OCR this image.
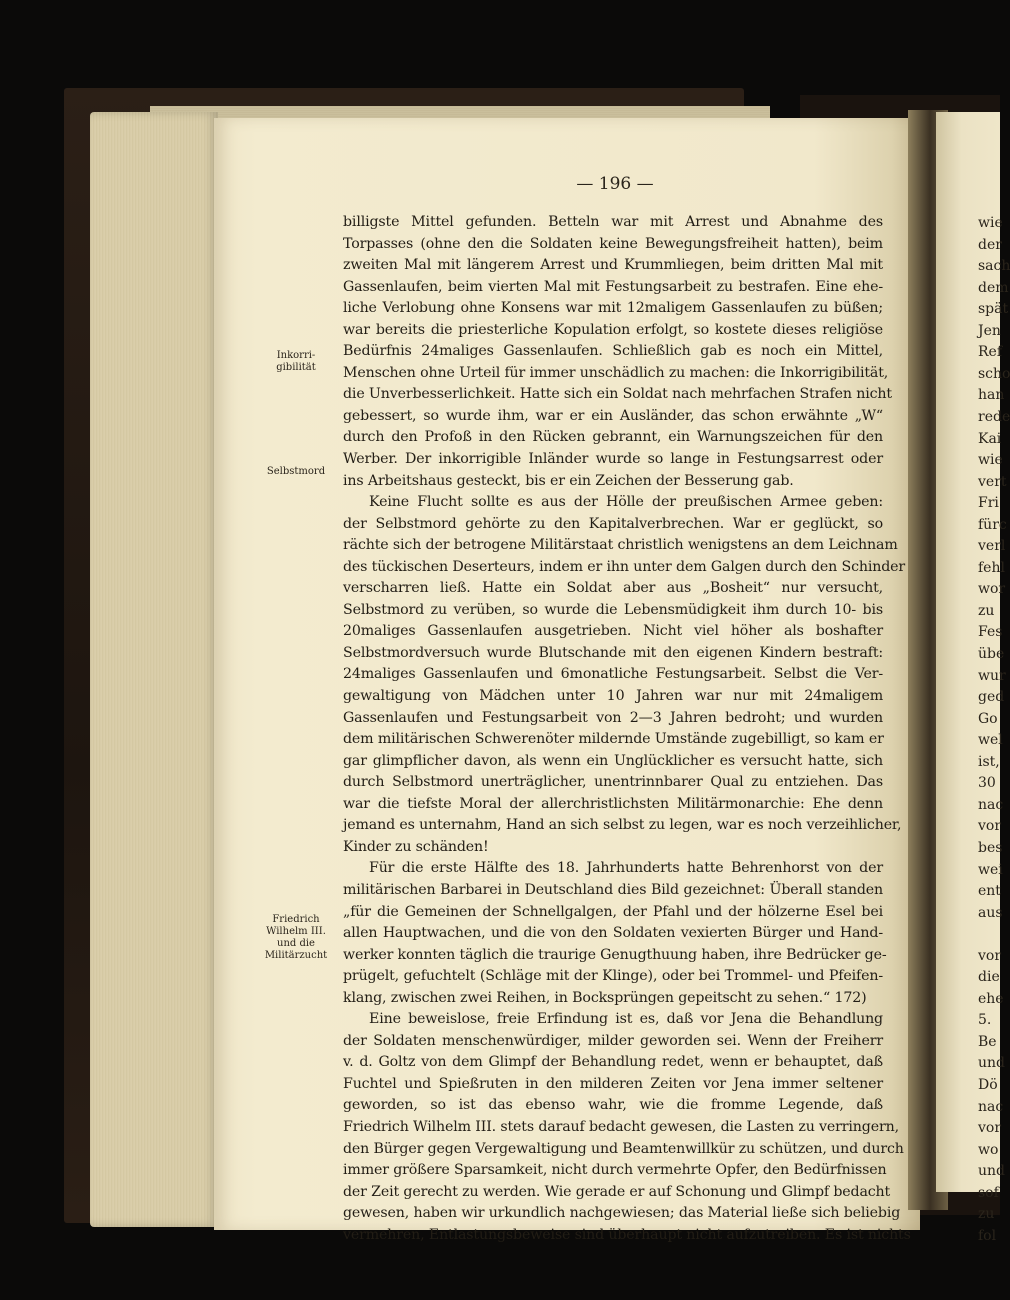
wie
der
sach
dem
spät
Jen
Ref
scho
han
rede
Kai
wie
vert
Fri
fürc
verl
fehl
wor
zu
Fes
übe
wur
ged
Go
wel
ist,
30
nac
vor
bes
wei
ent
aus
vor
die
ehe
5.
Be
und
Dö
nac
vor
wo
und
sof
zu
fol
— 196 —
Inkorri-
gibilität
Selbstmord
Friedrich
Wilhelm III.
und die
Militärzucht
billigste Mittel gefunden. Betteln war mit Arrest und Abnahme des
Torpasses (ohne den die Soldaten keine Bewegungsfreiheit hatten), beim
zweiten Mal mit längerem Arrest und Krummliegen, beim dritten Mal mit
Gassenlaufen, beim vierten Mal mit Festungsarbeit zu bestrafen. Eine ehe-
liche Verlobung ohne Konsens war mit 12maligem Gassenlaufen zu büßen;
war bereits die priesterliche Kopulation erfolgt, so kostete dieses religiöse
Bedürfnis 24maliges Gassenlaufen. Schließlich gab es noch ein Mittel,
Menschen ohne Urteil für immer unschädlich zu machen: die Inkorrigibilität,
die Unverbesserlichkeit. Hatte sich ein Soldat nach mehrfachen Strafen nicht
gebessert, so wurde ihm, war er ein Ausländer, das schon erwähnte „W“
durch den Profoß in den Rücken gebrannt, ein Warnungszeichen für den
Werber. Der inkorrigible Inländer wurde so lange in Festungsarrest oder
ins Arbeitshaus gesteckt, bis er ein Zeichen der Besserung gab.
Keine Flucht sollte es aus der Hölle der preußischen Armee geben:
der Selbstmord gehörte zu den Kapitalverbrechen. War er geglückt, so
rächte sich der betrogene Militärstaat christlich wenigstens an dem Leichnam
des tückischen Deserteurs, indem er ihn unter dem Galgen durch den Schinder
verscharren ließ. Hatte ein Soldat aber aus „Bosheit“ nur versucht,
Selbstmord zu verüben, so wurde die Lebensmüdigkeit ihm durch 10- bis
20maliges Gassenlaufen ausgetrieben. Nicht viel höher als boshafter
Selbstmordversuch wurde Blutschande mit den eigenen Kindern bestraft:
24maliges Gassenlaufen und 6monatliche Festungsarbeit. Selbst die Ver-
gewaltigung von Mädchen unter 10 Jahren war nur mit 24maligem
Gassenlaufen und Festungsarbeit von 2—3 Jahren bedroht; und wurden
dem militärischen Schwerenöter mildernde Umstände zugebilligt, so kam er
gar glimpflicher davon, als wenn ein Unglücklicher es versucht hatte, sich
durch Selbstmord unerträglicher, unentrinnbarer Qual zu entziehen. Das
war die tiefste Moral der allerchristlichsten Militärmonarchie: Ehe denn
jemand es unternahm, Hand an sich selbst zu legen, war es noch verzeihlicher,
Kinder zu schänden!
Für die erste Hälfte des 18. Jahrhunderts hatte Behrenhorst von der
militärischen Barbarei in Deutschland dies Bild gezeichnet: Überall standen
„für die Gemeinen der Schnellgalgen, der Pfahl und der hölzerne Esel bei
allen Hauptwachen, und die von den Soldaten vexierten Bürger und Hand-
werker konnten täglich die traurige Genugthuung haben, ihre Bedrücker ge-
prügelt, gefuchtelt (Schläge mit der Klinge), oder bei Trommel- und Pfeifen-
klang, zwischen zwei Reihen, in Bocksprüngen gepeitscht zu sehen.“ 172)
Eine beweislose, freie Erfindung ist es, daß vor Jena die Behandlung
der Soldaten menschenwürdiger, milder geworden sei. Wenn der Freiherr
v. d. Goltz von dem Glimpf der Behandlung redet, wenn er behauptet, daß
Fuchtel und Spießruten in den milderen Zeiten vor Jena immer seltener
geworden, so ist das ebenso wahr, wie die fromme Legende, daß
Friedrich Wilhelm III. stets darauf bedacht gewesen, die Lasten zu verringern,
den Bürger gegen Vergewaltigung und Beamtenwillkür zu schützen, und durch
immer größere Sparsamkeit, nicht durch vermehrte Opfer, den Bedürfnissen
der Zeit gerecht zu werden. Wie gerade er auf Schonung und Glimpf bedacht
gewesen, haben wir urkundlich nachgewiesen; das Material ließe sich beliebig
vermehren, Entlastungsbeweise sind überhaupt nicht aufzutreiben. Es ist nichts
